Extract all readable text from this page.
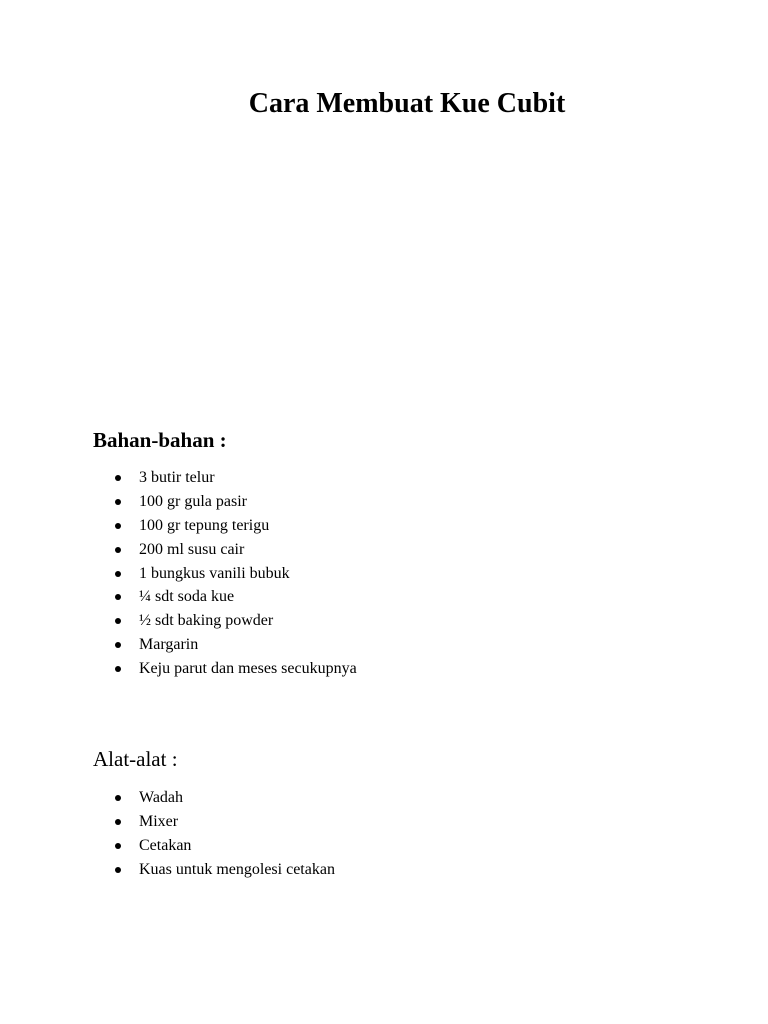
Cara Membuat Kue Cubit
Bahan-bahan :
3 butir telur
100 gr gula pasir
100 gr tepung terigu
200 ml susu cair
1 bungkus vanili bubuk
¼ sdt soda kue
½ sdt baking powder
Margarin
Keju parut dan meses secukupnya
Alat-alat :
Wadah
Mixer
Cetakan
Kuas untuk mengolesi cetakan
